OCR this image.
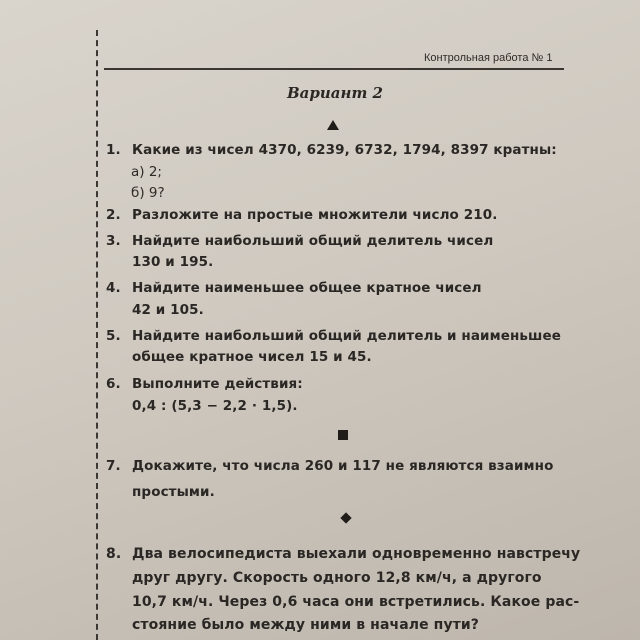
Контрольная работа № 1
Вариант 2
1. Какие из чисел 4370, 6239, 6732, 1794, 8397 кратны:
а) 2;
б) 9?
2. Разложите на простые множители число 210.
3. Найдите наибольший общий делитель чисел
130 и 195.
4. Найдите наименьшее общее кратное чисел
42 и 105.
5. Найдите наибольший общий делитель и наименьшее
общее кратное чисел 15 и 45.
6. Выполните действия:
0,4 : (5,3 − 2,2 · 1,5).
7. Докажите, что числа 260 и 117 не являются взаимно
простыми.
8. Два велосипедиста выехали одновременно навстречу
друг другу. Скорость одного 12,8 км/ч, а другого
10,7 км/ч. Через 0,6 часа они встретились. Какое рас-
стояние было между ними в начале пути?
